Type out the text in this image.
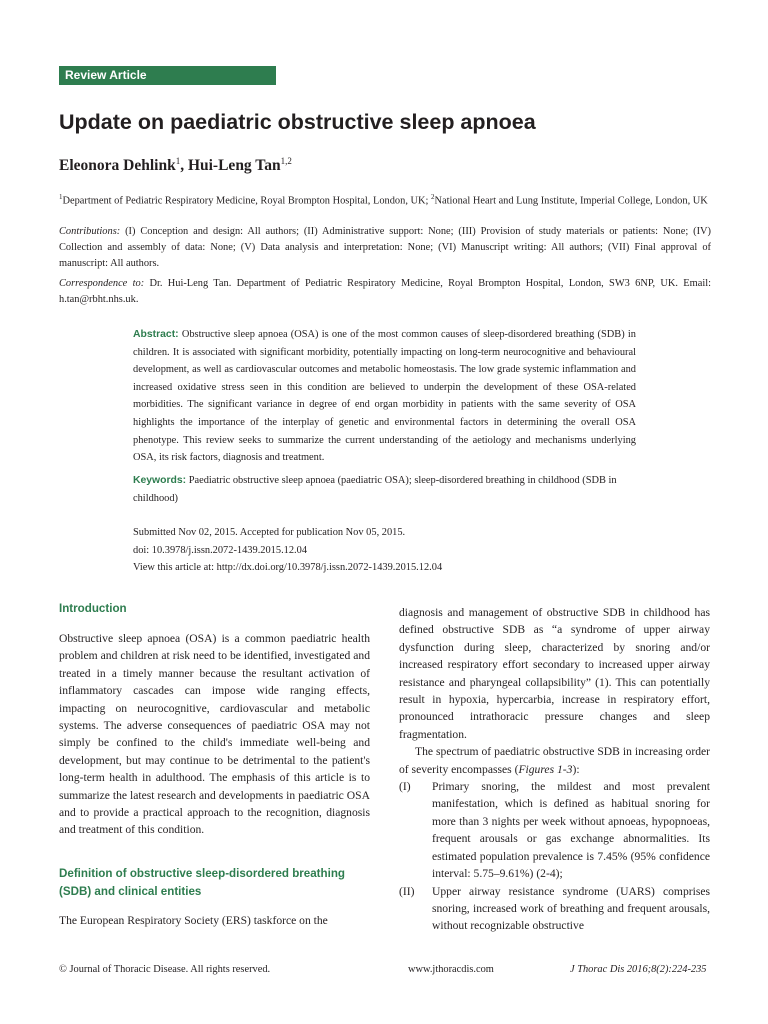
Review Article
Update on paediatric obstructive sleep apnoea
Eleonora Dehlink$^1$, Hui-Leng Tan$^{1,2}$
$^1$Department of Pediatric Respiratory Medicine, Royal Brompton Hospital, London, UK; $^2$National Heart and Lung Institute, Imperial College, London, UK
Contributions: (I) Conception and design: All authors; (II) Administrative support: None; (III) Provision of study materials or patients: None; (IV) Collection and assembly of data: None; (V) Data analysis and interpretation: None; (VI) Manuscript writing: All authors; (VII) Final approval of manuscript: All authors.
Correspondence to: Dr. Hui-Leng Tan. Department of Pediatric Respiratory Medicine, Royal Brompton Hospital, London, SW3 6NP, UK. Email: h.tan@rbht.nhs.uk.
Abstract: Obstructive sleep apnoea (OSA) is one of the most common causes of sleep-disordered breathing (SDB) in children. It is associated with significant morbidity, potentially impacting on long-term neurocognitive and behavioural development, as well as cardiovascular outcomes and metabolic homeostasis. The low grade systemic inflammation and increased oxidative stress seen in this condition are believed to underpin the development of these OSA-related morbidities. The significant variance in degree of end organ morbidity in patients with the same severity of OSA highlights the importance of the interplay of genetic and environmental factors in determining the overall OSA phenotype. This review seeks to summarize the current understanding of the aetiology and mechanisms underlying OSA, its risk factors, diagnosis and treatment.
Keywords: Paediatric obstructive sleep apnoea (paediatric OSA); sleep-disordered breathing in childhood (SDB in childhood)
Submitted Nov 02, 2015. Accepted for publication Nov 05, 2015.
doi: 10.3978/j.issn.2072-1439.2015.12.04
View this article at: http://dx.doi.org/10.3978/j.issn.2072-1439.2015.12.04
Introduction

Obstructive sleep apnoea (OSA) is a common paediatric health problem and children at risk need to be identified, investigated and treated in a timely manner because the resultant activation of inflammatory cascades can impose wide ranging effects, impacting on neurocognitive, cardiovascular and metabolic systems. The adverse consequences of paediatric OSA may not simply be confined to the child's immediate well-being and development, but may continue to be detrimental to the patient's long-term health in adulthood. The emphasis of this article is to summarize the latest research and developments in paediatric OSA and to provide a practical approach to the recognition, diagnosis and treatment of this condition.

Definition of obstructive sleep-disordered breathing (SDB) and clinical entities

The European Respiratory Society (ERS) taskforce on the

diagnosis and management of obstructive SDB in childhood has defined obstructive SDB as “a syndrome of upper airway dysfunction during sleep, characterized by snoring and/or increased respiratory effort secondary to increased upper airway resistance and pharyngeal collapsibility” (1). This can potentially result in hypoxia, hypercarbia, increase in respiratory effort, pronounced intrathoracic pressure changes and sleep fragmentation.

The spectrum of paediatric obstructive SDB in increasing order of severity encompasses (Figures 1-3):

(I)	Primary snoring, the mildest and most prevalent manifestation, which is defined as habitual snoring for more than 3 nights per week without apnoeas, hypopnoeas, frequent arousals or gas exchange abnormalities. Its estimated population prevalence is 7.45% (95% confidence interval: 5.75–9.61%) (2-4);
(II)	Upper airway resistance syndrome (UARS) comprises snoring, increased work of breathing and frequent arousals, without recognizable obstructive
© Journal of Thoracic Disease. All rights reserved.	www.jthoracdis.com	J Thorac Dis 2016;8(2):224-235
